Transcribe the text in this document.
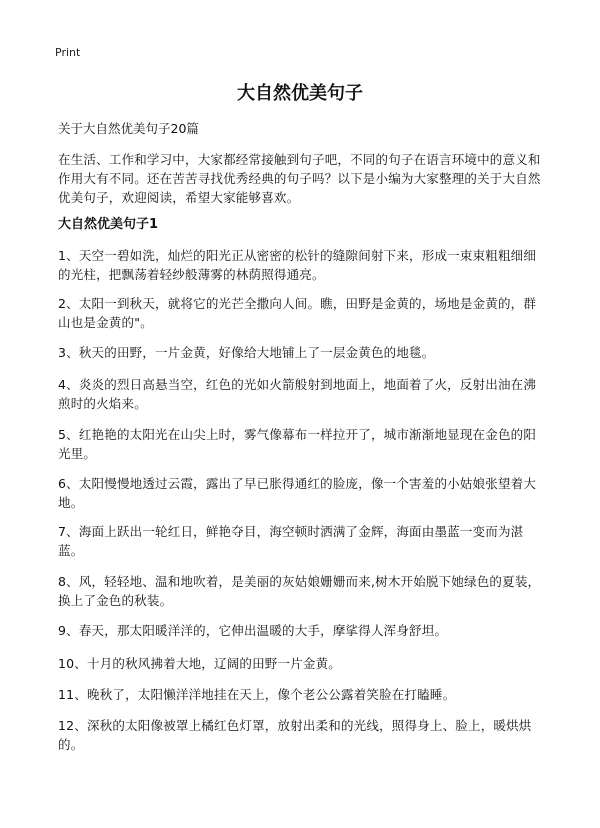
Print
大自然优美句子
关于大自然优美句子20篇

在生活、工作和学习中，大家都经常接触到句子吧，不同的句子在语言环境中的意义和作用大有不同。还在苦苦寻找优秀经典的句子吗？以下是小编为大家整理的关于大自然优美句子，欢迎阅读，希望大家能够喜欢。

大自然优美句子1

1、天空一碧如洗，灿烂的阳光正从密密的松针的缝隙间射下来，形成一束束粗粗细细的光柱，把飘荡着轻纱般薄雾的林荫照得通亮。

2、太阳一到秋天，就将它的光芒全撒向人间。瞧，田野是金黄的，场地是金黄的，群山也是金黄的"。

3、秋天的田野，一片金黄，好像给大地铺上了一层金黄色的地毯。

4、炎炎的烈日高悬当空，红色的光如火箭般射到地面上，地面着了火，反射出油在沸煎时的火焰来。

5、红艳艳的太阳光在山尖上时，雾气像幕布一样拉开了，城市渐渐地显现在金色的阳光里。

6、太阳慢慢地透过云霞，露出了早已胀得通红的脸庞，像一个害羞的小姑娘张望着大地。

7、海面上跃出一轮红日，鲜艳夺目，海空顿时洒满了金辉，海面由墨蓝一变而为湛蓝。

8、风，轻轻地、温和地吹着，是美丽的灰姑娘姗姗而来,树木开始脱下她绿色的夏装，换上了金色的秋装。

9、春天，那太阳暖洋洋的，它伸出温暖的大手，摩挲得人浑身舒坦。

10、十月的秋风拂着大地，辽阔的田野一片金黄。

11、晚秋了，太阳懒洋洋地挂在天上，像个老公公露着笑脸在打瞌睡。

12、深秋的太阳像被罩上橘红色灯罩，放射出柔和的光线，照得身上、脸上，暖烘烘的。
